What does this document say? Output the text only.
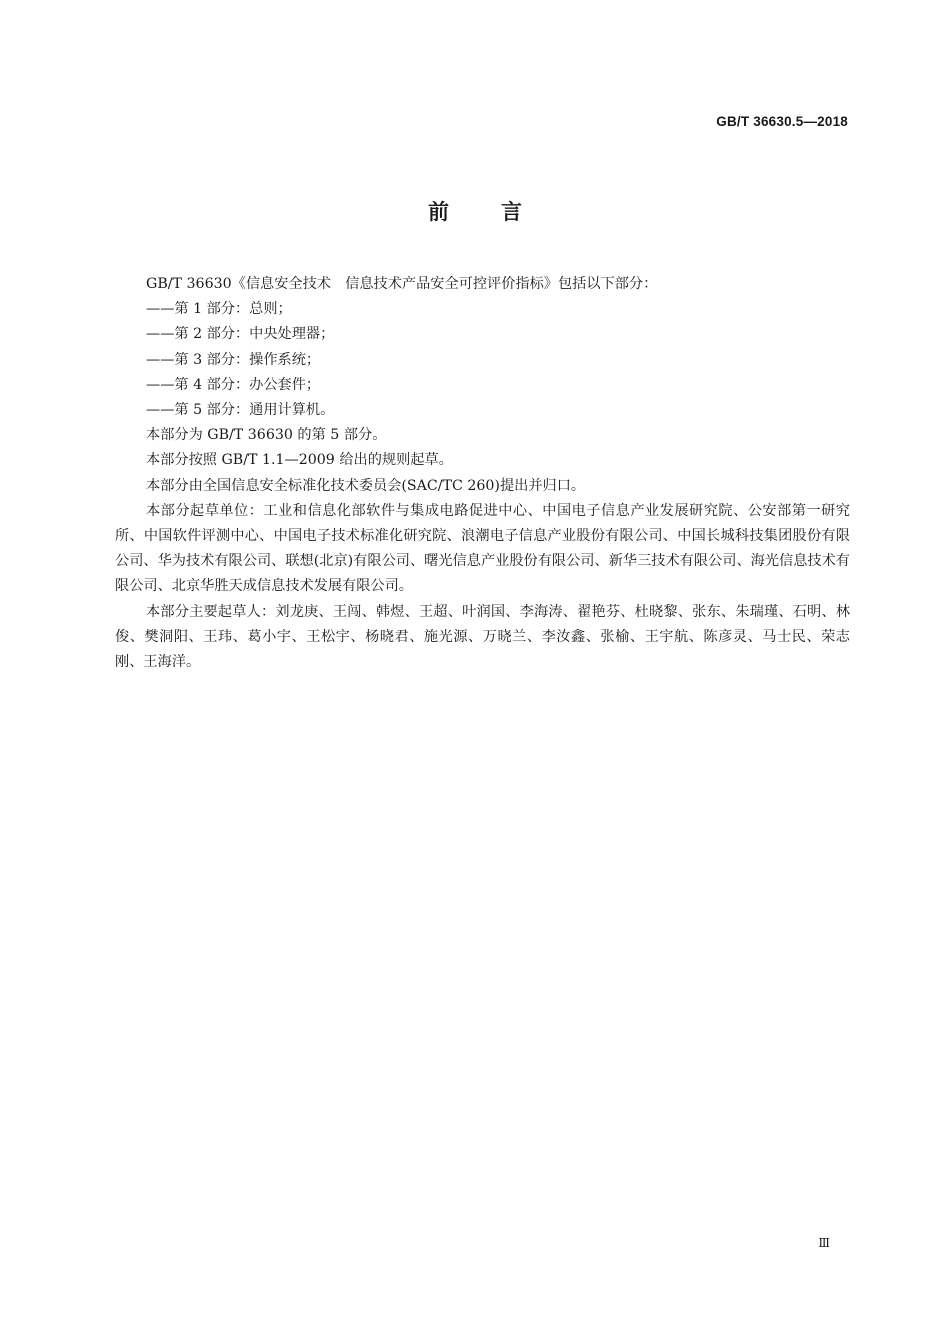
GB/T 36630.5—2018
前言

GB/T 36630《信息安全技术　信息技术产品安全可控评价指标》包括以下部分：

——第 1 部分：总则；

——第 2 部分：中央处理器；

——第 3 部分：操作系统；

——第 4 部分：办公套件；

——第 5 部分：通用计算机。

本部分为 GB/T 36630 的第 5 部分。

本部分按照 GB/T 1.1—2009 给出的规则起草。

本部分由全国信息安全标准化技术委员会(SAC/TC 260)提出并归口。

本部分起草单位：工业和信息化部软件与集成电路促进中心、中国电子信息产业发展研究院、公安部第一研究所、中国软件评测中心、中国电子技术标准化研究院、浪潮电子信息产业股份有限公司、中国长城科技集团股份有限公司、华为技术有限公司、联想(北京)有限公司、曙光信息产业股份有限公司、新华三技术有限公司、海光信息技术有限公司、北京华胜天成信息技术发展有限公司。

本部分主要起草人：刘龙庚、王闯、韩煜、王超、叶润国、李海涛、翟艳芬、杜晓黎、张东、朱瑞瑾、石明、林俊、樊洞阳、王玮、葛小宇、王松宇、杨晓君、施光源、万晓兰、李汝鑫、张榆、王宇航、陈彦灵、马士民、荣志刚、王海洋。

Ⅲ
